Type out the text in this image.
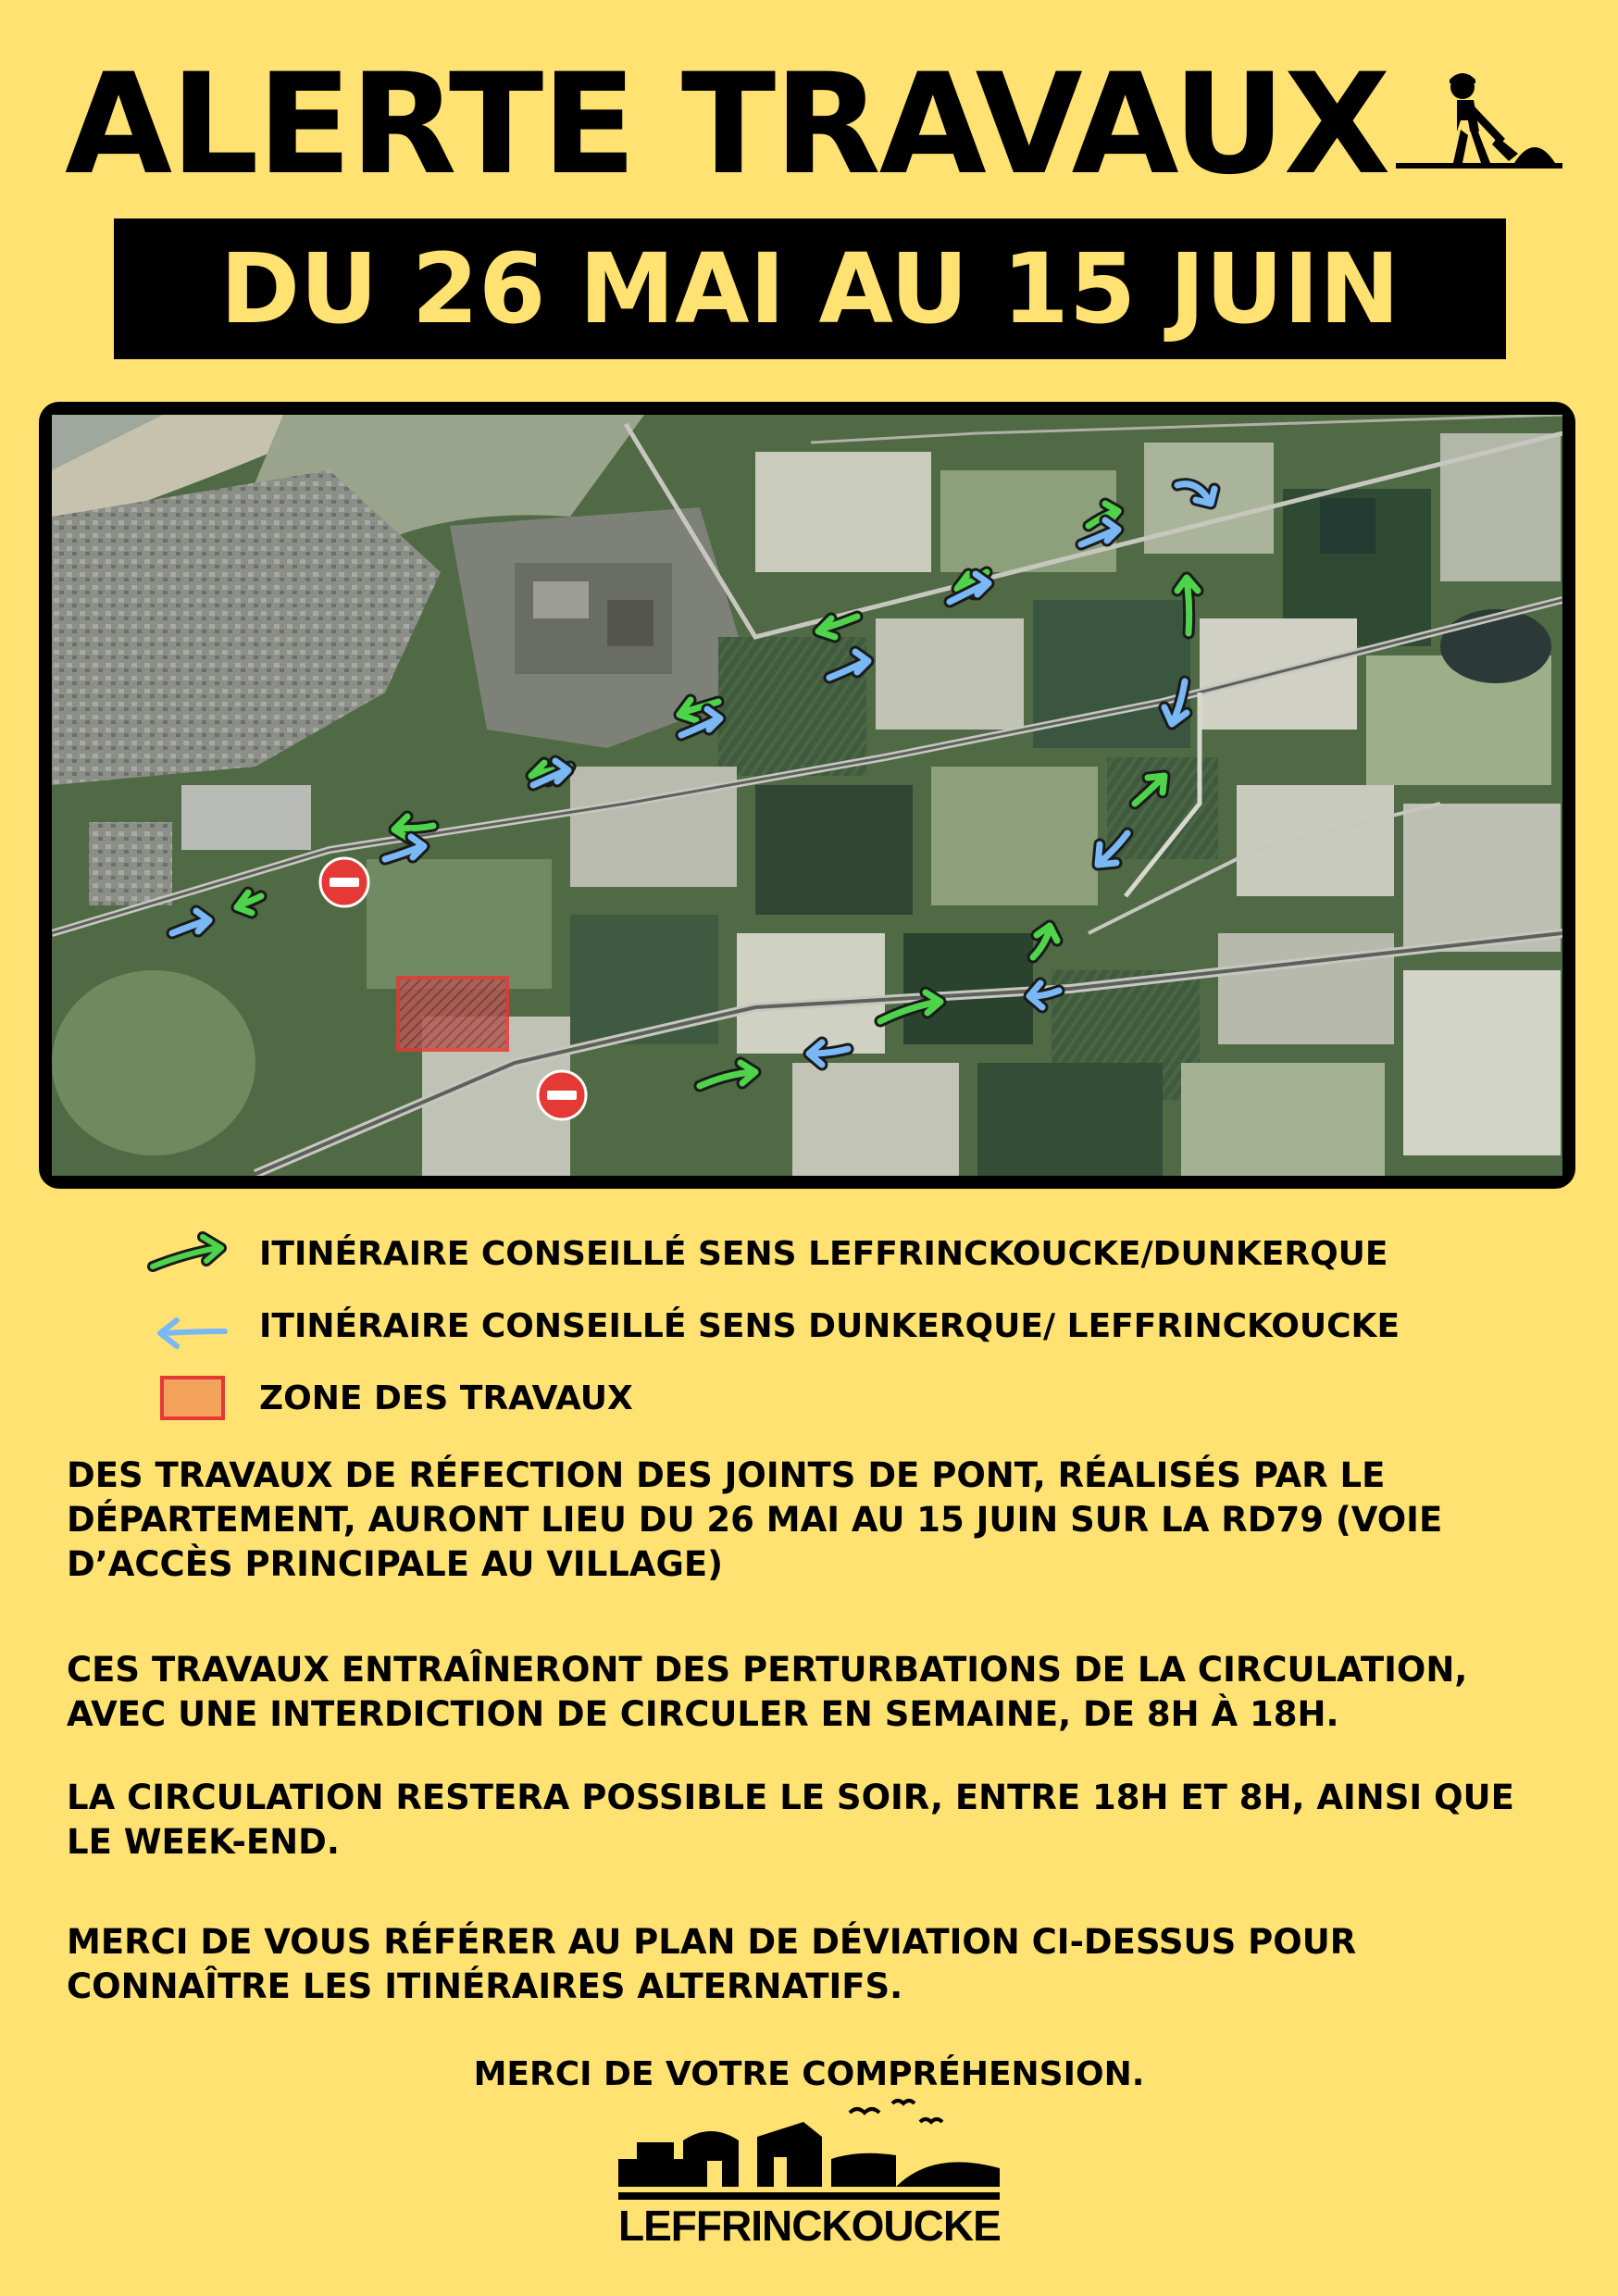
ALERTE TRAVAUX
DU 26 MAI AU 15 JUIN
ITINÉRAIRE CONSEILLÉ SENS LEFFRINCKOUCKE/DUNKERQUE
ITINÉRAIRE CONSEILLÉ SENS DUNKERQUE/ LEFFRINCKOUCKE
ZONE DES TRAVAUX
DES TRAVAUX DE RÉFECTION DES JOINTS DE PONT, RÉALISÉS PAR LE DÉPARTEMENT, AURONT LIEU DU 26 MAI AU 15 JUIN SUR LA RD79 (VOIE D’ACCÈS PRINCIPALE AU VILLAGE)
CES TRAVAUX ENTRAÎNERONT DES PERTURBATIONS DE LA CIRCULATION, AVEC UNE INTERDICTION DE CIRCULER EN SEMAINE, DE 8H À 18H.
LA CIRCULATION RESTERA POSSIBLE LE SOIR, ENTRE 18H ET 8H, AINSI QUE LE WEEK-END.
MERCI DE VOUS RÉFÉRER AU PLAN DE DÉVIATION CI-DESSUS POUR CONNAÎTRE LES ITINÉRAIRES ALTERNATIFS.
MERCI DE VOTRE COMPRÉHENSION.
LEFFRINCKOUCKE
